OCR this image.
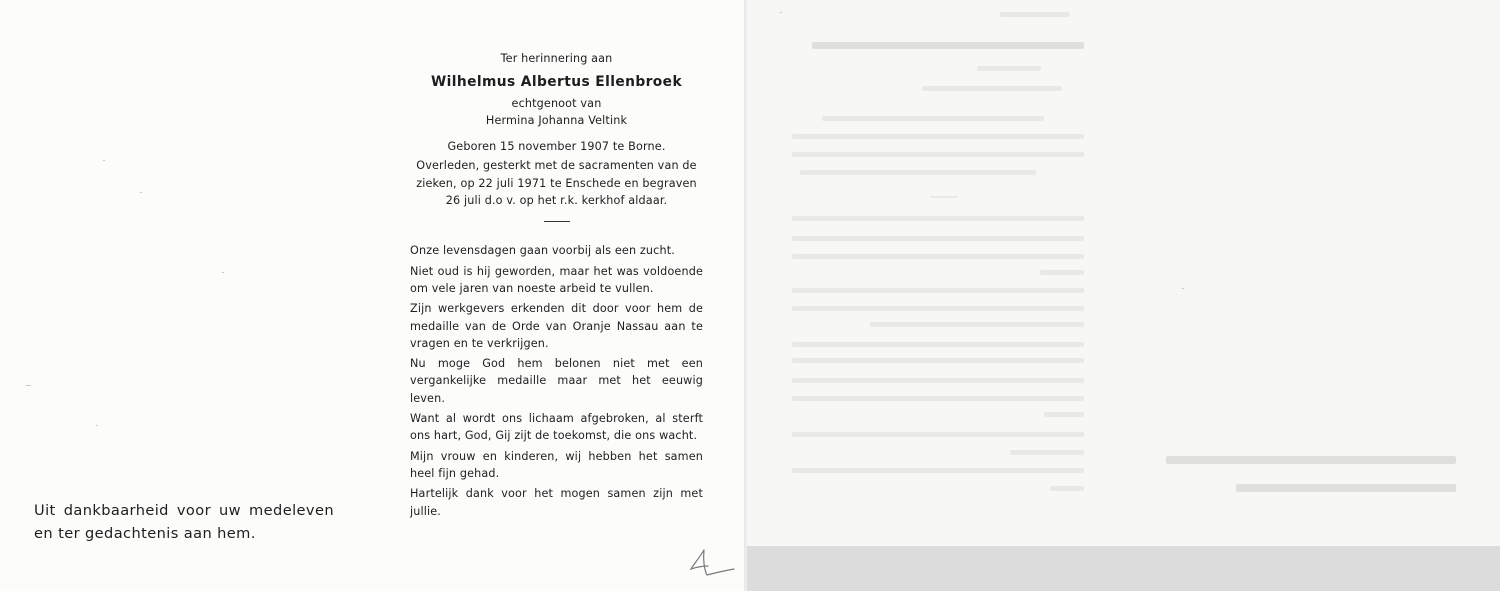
Ter herinnering aan
Wilhelmus Albertus Ellenbroek
echtgenoot van
Hermina Johanna Veltink
Geboren 15 november 1907 te Borne.
Overleden, gesterkt met de sacramenten van de zieken, op 22 juli 1971 te Enschede en begraven 26 juli d.o v. op het r.k. kerkhof aldaar.
Onze levensdagen gaan voorbij als een zucht.
Niet oud is hij geworden, maar het was voldoende om vele jaren van noeste arbeid te vullen.
Zijn werkgevers erkenden dit door voor hem de medaille van de Orde van Oranje Nassau aan te vragen en te verkrijgen.
Nu moge God hem belonen niet met een vergankelijke medaille maar met het eeuwig leven.
Want al wordt ons lichaam afgebroken, al sterft ons hart, God, Gij zijt de toekomst, die ons wacht.
Mijn vrouw en kinderen, wij hebben het samen heel fijn gehad.
Hartelijk dank voor het mogen samen zijn met jullie.
Uit dankbaarheid voor uw medeleven
en ter gedachtenis aan hem.
